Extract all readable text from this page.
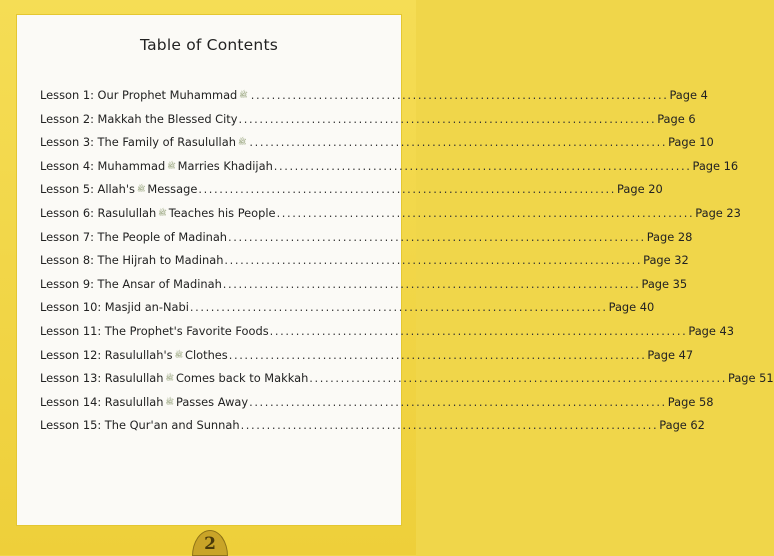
Table of Contents
Lesson 1: Our Prophet Muhammad ﷺ ................................................................................ Page 4
Lesson 2: Makkah the Blessed City ................................................................................ Page 6
Lesson 3: The Family of Rasulullah ﷺ ................................................................................ Page 10
Lesson 4: Muhammad ﷺ Marries Khadijah ................................................................................ Page 16
Lesson 5: Allah's ﷺ Message ................................................................................ Page 20
Lesson 6: Rasulullah ﷺ Teaches his People ................................................................................ Page 23
Lesson 7: The People of Madinah ................................................................................ Page 28
Lesson 8: The Hijrah to Madinah ................................................................................ Page 32
Lesson 9: The Ansar of Madinah ................................................................................ Page 35
Lesson 10: Masjid an-Nabi ................................................................................ Page 40
Lesson 11: The Prophet's Favorite Foods ................................................................................ Page 43
Lesson 12: Rasulullah's ﷺ Clothes ................................................................................ Page 47
Lesson 13: Rasulullah ﷺ Comes back to Makkah ................................................................................ Page 51
Lesson 14: Rasulullah ﷺ Passes Away ................................................................................ Page 58
Lesson 15: The Qur'an and Sunnah ................................................................................ Page 62
2
